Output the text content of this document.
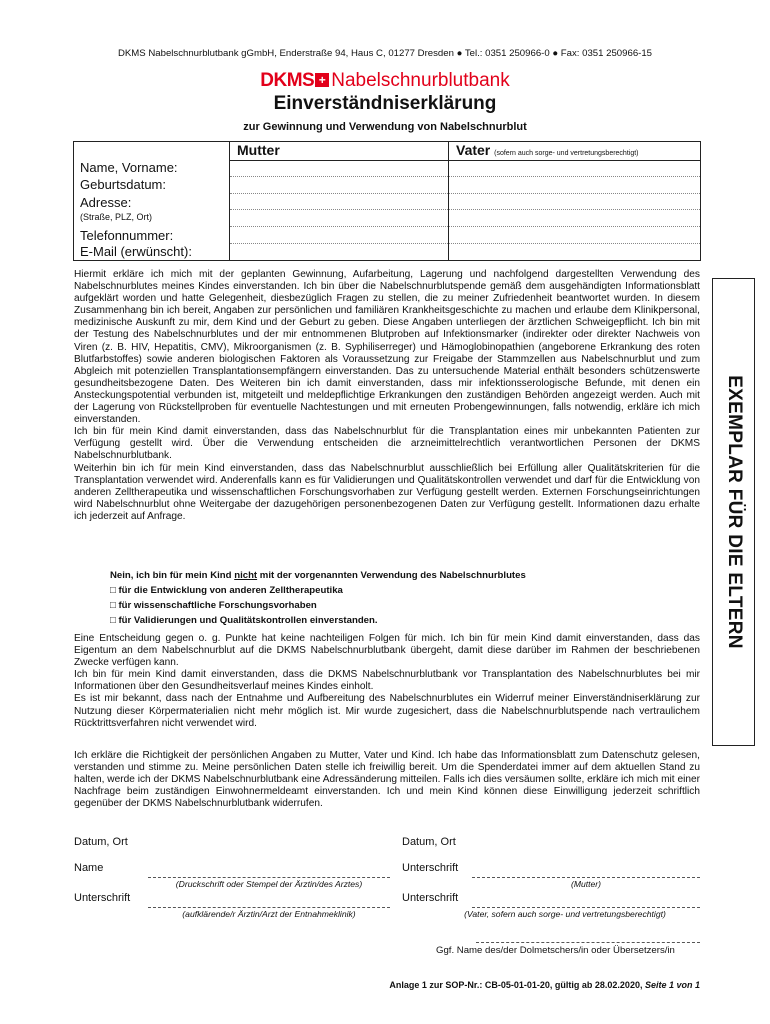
DKMS Nabelschnurblutbank gGmbH, Enderstraße 94, Haus C, 01277 Dresden ● Tel.: 0351 250966-0 ● Fax: 0351 250966-15
DKMS + Nabelschnurblutbank
Einverständniserklärung
zur Gewinnung und Verwendung von Nabelschnurblut

Mutter	Vater (sofern auch sorge- und vertretungsberechtigt)
Name, Vorname:
Geburtsdatum:
Adresse:
(Straße, PLZ, Ort)
Telefonnummer:
E-Mail (erwünscht):

Hiermit erkläre ich mich mit der geplanten Gewinnung, Aufarbeitung, Lagerung und nachfolgend dargestellten Verwendung des Nabelschnurblutes meines Kindes einverstanden. Ich bin über die Nabelschnurblutspende gemäß dem ausgehändigten Informationsblatt aufgeklärt worden und hatte Gelegenheit, diesbezüglich Fragen zu stellen, die zu meiner Zufriedenheit beantwortet wurden. In diesem Zusammenhang bin ich bereit, Angaben zur persönlichen und familiären Krankheitsgeschichte zu machen und erlaube dem Klinikpersonal, medizinische Auskunft zu mir, dem Kind und der Geburt zu geben. Diese Angaben unterliegen der ärztlichen Schweigepflicht. Ich bin mit der Testung des Nabelschnurblutes und der mir entnommenen Blutproben auf Infektionsmarker (indirekter oder direkter Nachweis von Viren (z. B. HIV, Hepatitis, CMV), Mikroorganismen (z. B. Syphiliserreger) und Hämoglobinopathien (angeborene Erkrankung des roten Blutfarbstoffes) sowie anderen biologischen Faktoren als Voraussetzung zur Freigabe der Stammzellen aus Nabelschnurblut und zum Abgleich mit potenziellen Transplantationsempfängern einverstanden. Das zu untersuchende Material enthält besonders schützenswerte gesundheitsbezogene Daten. Des Weiteren bin ich damit einverstanden, dass mir infektionsserologische Befunde, mit denen ein Ansteckungspotential verbunden ist, mitgeteilt und meldepflichtige Erkrankungen den zuständigen Behörden angezeigt werden. Auch mit der Lagerung von Rückstellproben für eventuelle Nachtestungen und mit erneuten Probengewinnungen, falls notwendig, erkläre ich mich einverstanden.

Ich bin für mein Kind damit einverstanden, dass das Nabelschnurblut für die Transplantation eines mir unbekannten Patienten zur Verfügung gestellt wird. Über die Verwendung entscheiden die arzneimittelrechtlich verantwortlichen Personen der DKMS Nabelschnurblutbank.

Weiterhin bin ich für mein Kind einverstanden, dass das Nabelschnurblut ausschließlich bei Erfüllung aller Qualitätskriterien für die Transplantation verwendet wird. Anderenfalls kann es für Validierungen und Qualitätskontrollen verwendet und darf für die Entwicklung von anderen Zelltherapeutika und wissenschaftlichen Forschungsvorhaben zur Verfügung gestellt werden. Externen Forschungseinrichtungen wird Nabelschnurblut ohne Weitergabe der dazugehörigen personenbezogenen Daten zur Verfügung gestellt. Informationen dazu erhalte ich jederzeit auf Anfrage.

Nein, ich bin für mein Kind nicht mit der vorgenannten Verwendung des Nabelschnurblutes
□ für die Entwicklung von anderen Zelltherapeutika
□ für wissenschaftliche Forschungsvorhaben
□ für Validierungen und Qualitätskontrollen einverstanden.

Eine Entscheidung gegen o. g. Punkte hat keine nachteiligen Folgen für mich. Ich bin für mein Kind damit einverstanden, dass das Eigentum an dem Nabelschnurblut auf die DKMS Nabelschnurblutbank übergeht, damit diese darüber im Rahmen der beschriebenen Zwecke verfügen kann.

Ich bin für mein Kind damit einverstanden, dass die DKMS Nabelschnurblutbank vor Transplantation des Nabelschnurblutes bei mir Informationen über den Gesundheitsverlauf meines Kindes einholt.

Es ist mir bekannt, dass nach der Entnahme und Aufbereitung des Nabelschnurblutes ein Widerruf meiner Einverständniserklärung zur Nutzung dieser Körpermaterialien nicht mehr möglich ist. Mir wurde zugesichert, dass die Nabelschnurblutspende nach vertraulichem Rücktrittsverfahren nicht verwendet wird.

Ich erkläre die Richtigkeit der persönlichen Angaben zu Mutter, Vater und Kind. Ich habe das Informationsblatt zum Datenschutz gelesen, verstanden und stimme zu. Meine persönlichen Daten stelle ich freiwillig bereit. Um die Spenderdatei immer auf dem aktuellen Stand zu halten, werde ich der DKMS Nabelschnurblutbank eine Adressänderung mitteilen. Falls ich dies versäumen sollte, erkläre ich mich mit einer Nachfrage beim zuständigen Einwohnermeldeamt einverstanden. Ich und mein Kind können diese Einwilligung jederzeit schriftlich gegenüber der DKMS Nabelschnurblutbank widerrufen.

EXEMPLAR FÜR DIE ELTERN
Datum, Ort	Datum, Ort
Name
(Druckschrift oder Stempel der Ärztin/des Arztes)
Unterschrift
(Mutter)
Unterschrift
(aufklärende/r Ärztin/Arzt der Entnahmeklinik)
Unterschrift
(Vater, sofern auch sorge- und vertretungsberechtigt)
Ggf. Name des/der Dolmetschers/in oder Übersetzers/in
Anlage 1 zur SOP-Nr.: CB-05-01-01-20, gültig ab 28.02.2020, Seite 1 von 1
